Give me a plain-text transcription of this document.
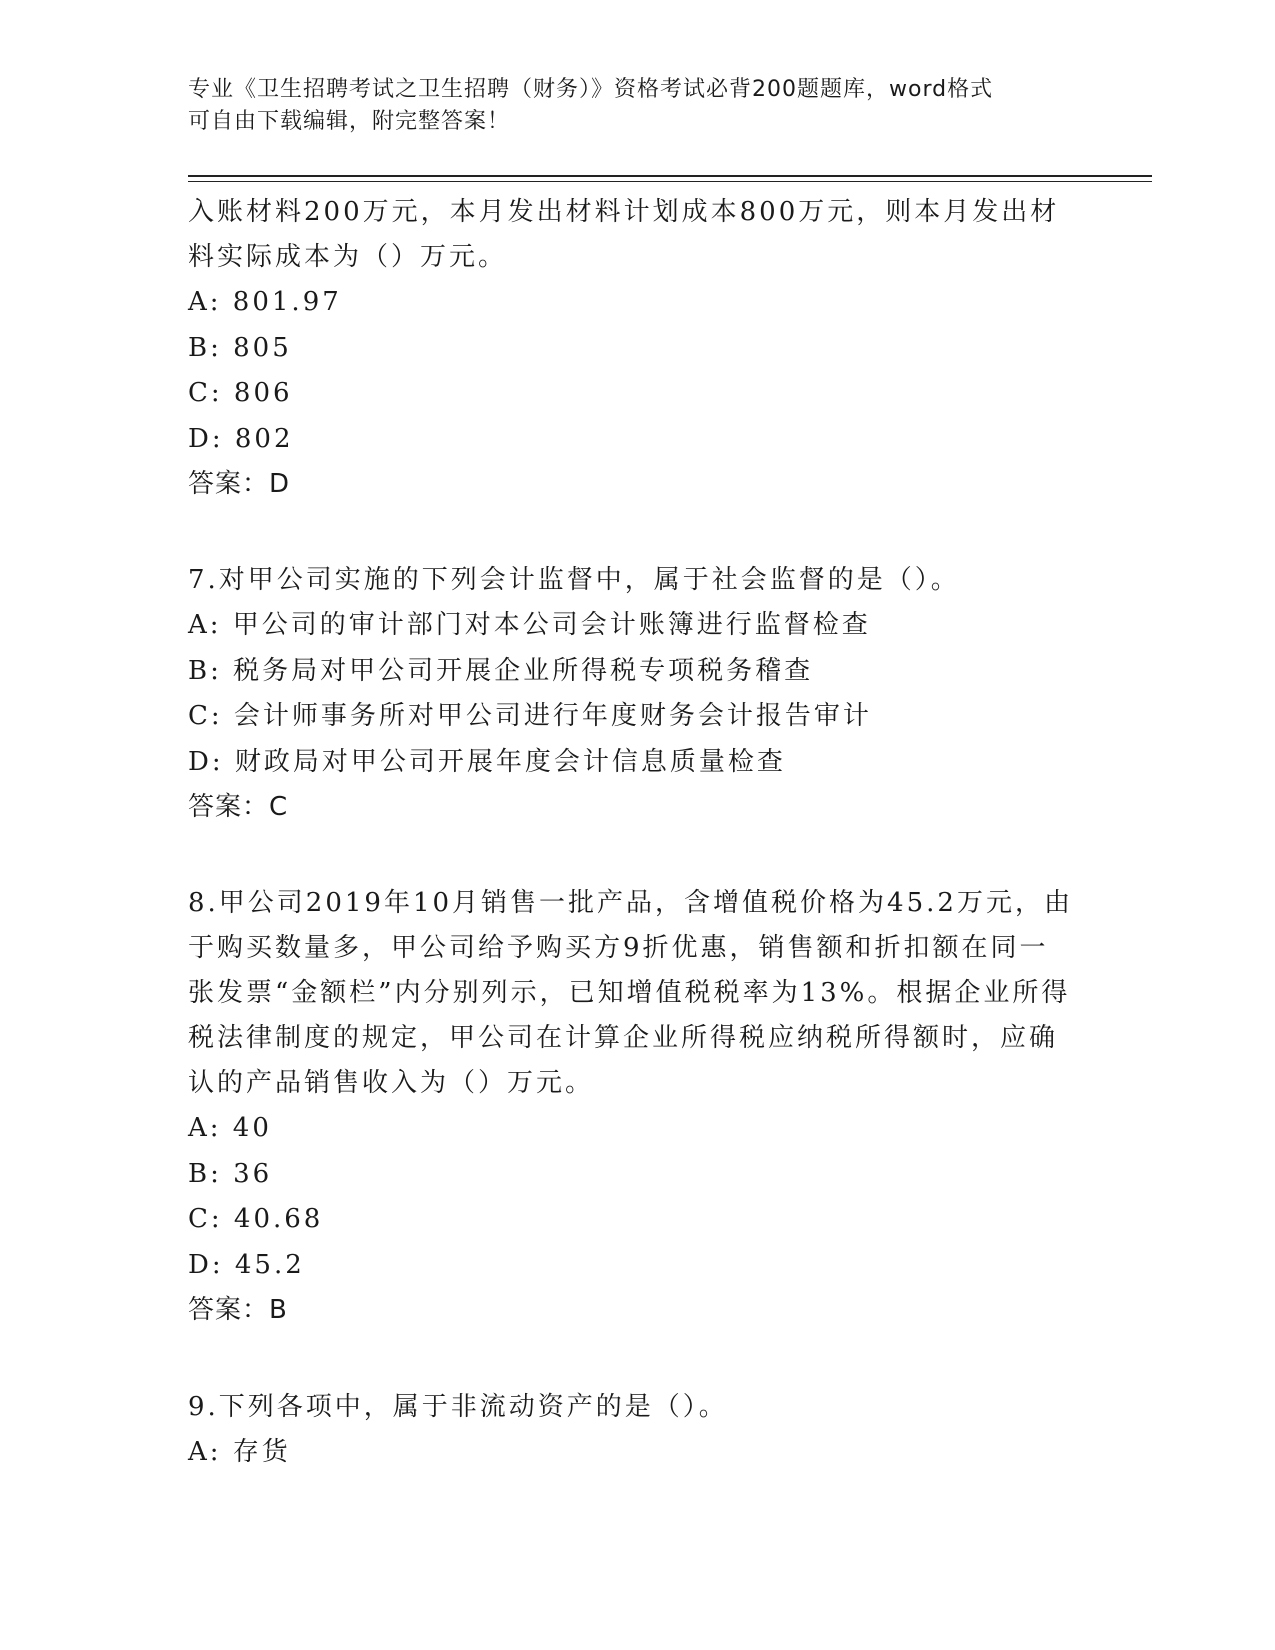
专业《卫生招聘考试之卫生招聘（财务）》资格考试必背200题题库，word格式
可自由下载编辑，附完整答案！
入账材料200万元，本月发出材料计划成本800万元，则本月发出材
料实际成本为（）万元。
A: 801.97
B: 805
C: 806
D: 802
答案：D
7.对甲公司实施的下列会计监督中，属于社会监督的是（）。
A: 甲公司的审计部门对本公司会计账簿进行监督检查
B: 税务局对甲公司开展企业所得税专项税务稽查
C: 会计师事务所对甲公司进行年度财务会计报告审计
D: 财政局对甲公司开展年度会计信息质量检查
答案：C
8.甲公司2019年10月销售一批产品，含增值税价格为45.2万元，由
于购买数量多，甲公司给予购买方9折优惠，销售额和折扣额在同一
张发票“金额栏”内分别列示，已知增值税税率为13%。根据企业所得
税法律制度的规定，甲公司在计算企业所得税应纳税所得额时，应确
认的产品销售收入为（）万元。
A: 40
B: 36
C: 40.68
D: 45.2
答案：B
9.下列各项中，属于非流动资产的是（）。
A: 存货
